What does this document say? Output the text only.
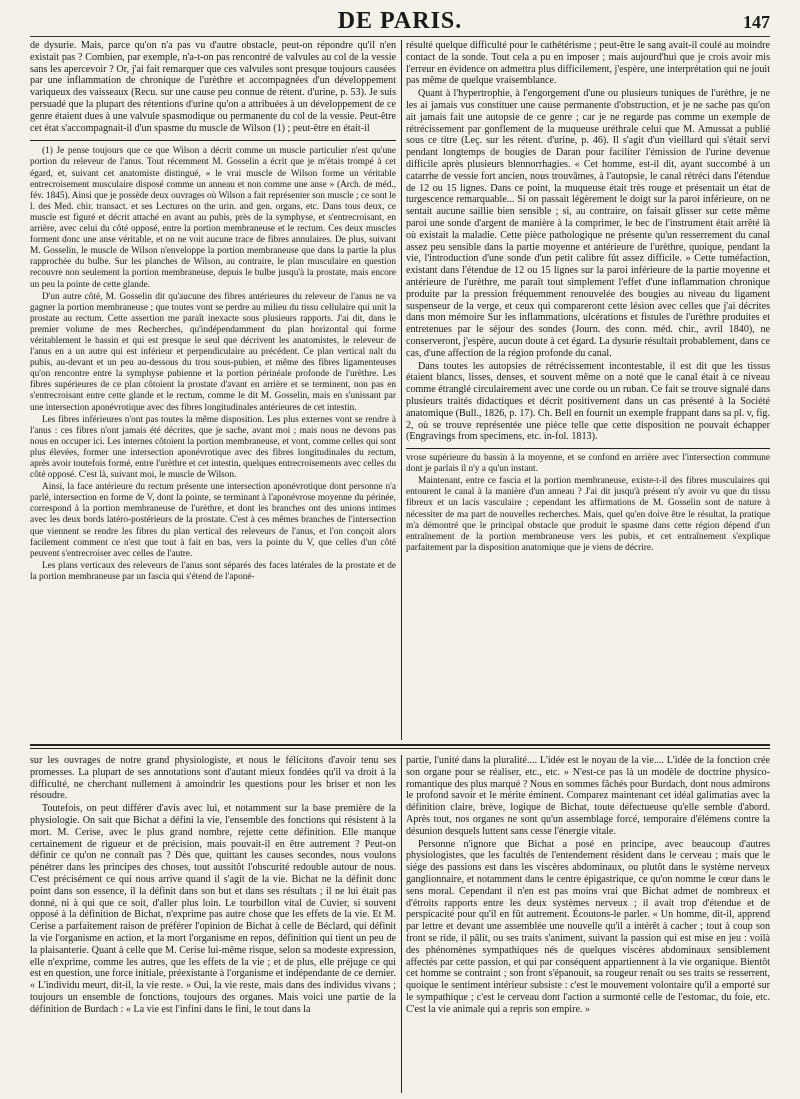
DE PARIS.	147

de dysurie. Mais, parce qu'on n'a pas vu d'autre obstacle, peut-on répondre qu'il n'en existait pas ? Combien, par exemple, n'a-t-on pas rencontré de valvules au col de la vessie sans les apercevoir ? Or, j'ai fait remarquer que ces valvules sont presque toujours causées par une inflammation de chronique de l'urèthre et accompagnées d'un développement variqueux des vaisseaux (Recu. sur une cause peu connue de rétent. d'urine, p. 53). Je suis persuadé que la plupart des rétentions d'urine qu'on a attribuées à un développement de ce genre étaient dues à une valvule spasmodique ou permanente du col de la vessie. Peut-être cet état s'accompagnait-il d'un spasme du muscle de Wilson (1) ; peut-être en était-il

(1) Je pense toujours que ce que Wilson a décrit comme un muscle particulier n'est qu'une portion du releveur de l'anus. Tout récemment M. Gosselin a écrit que je m'étais trompé à cet égard, et, suivant cet anatomiste distingué, « le vrai muscle de Wilson forme un véritable entrecroisement musculaire disposé comme un anneau et non comme une anse » (Arch. de méd., fév. 1845). Ainsi que je possède deux ouvrages où Wilson a fait représenter son muscle ; ce sont le l. des Med. chir. transact. et ses Lectures on the urin. and gen. organs, etc. Dans tous deux, ce muscle est figuré et décrit attaché en avant au pubis, près de la symphyse, et s'entrecroisant, en arrière, avec celui du côté opposé, entre la portion membraneuse et le rectum. Ces deux muscles forment donc une anse véritable, et on ne voit aucune trace de fibres annulaires. De plus, suivant M. Gosselin, le muscle de Wilson n'enveloppe la portion membraneuse que dans la partie la plus rapprochée du bulbe. Sur les planches de Wilson, au contraire, le plan musculaire en question recouvre non seulement la portion membraneuse, depuis le bulbe jusqu'à la prostate, mais encore un peu la pointe de cette glande.

D'un autre côté, M. Gosselin dit qu'aucune des fibres antérieures du releveur de l'anus ne va gagner la portion membraneuse ; que toutes vont se perdre au milieu du tissu cellulaire qui unit la prostate au rectum. Cette assertion me paraît inexacte sous plusieurs rapports. J'ai dit, dans le premier volume de mes Recherches, qu'indépendamment du plan horizontal qui forme véritablement le bassin et qui est presque le seul que décrivent les anatomistes, le releveur de l'anus en a un autre qui est inférieur et perpendiculaire au précédent. Ce plan vertical naît du pubis, au-devant et un peu au-dessous du trou sous-pubien, et même des fibres ligamenteuses qu'on rencontre entre la symphyse pubienne et la portion périnéale profonde de l'urèthre. Les fibres supérieures de ce plan côtoient la prostate d'avant en arrière et se terminent, non pas en s'entrecroisant entre cette glande et le rectum, comme le dit M. Gosselin, mais en s'unissant par une intersection aponévrotique avec des fibres longitudinales antérieures de cet intestin.

Les fibres inférieures n'ont pas toutes la même disposition. Les plus externes vont se rendre à l'anus : ces fibres n'ont jamais été décrites, que je sache, avant moi ; mais nous ne devons pas nous en occuper ici. Les internes côtoient la portion membraneuse, et vont, comme celles qui sont plus élevées, former une intersection aponévrotique avec des fibres longitudinales du rectum, après avoir toutefois formé, entre l'urèthre et cet intestin, quelques entrecroisements avec celles du côté opposé. C'est là, suivant moi, le muscle de Wilson.

Ainsi, la face antérieure du rectum présente une intersection aponévrotique dont personne n'a parlé, intersection en forme de V, dont la pointe, se terminant à l'aponévrose moyenne du périnée, correspond à la portion membraneuse de l'urèthre, et dont les branches ont des unions intimes avec les deux bords latéro-postérieurs de la prostate. C'est à ces mêmes branches de l'intersection que viennent se rendre les fibres du plan vertical des releveurs de l'anus, et l'on conçoit alors facilement comment ce n'est que tout à fait en bas, vers la pointe du V, que celles d'un côté peuvent s'entrecroiser avec celles de l'autre.

Les plans verticaux des releveurs de l'anus sont séparés des faces latérales de la prostate et de la portion membraneuse par un fascia qui s'étend de l'aponé-

résulté quelque difficulté pour le cathétérisme ; peut-être le sang avait-il coulé au moindre contact de la sonde. Tout cela a pu en imposer ; mais aujourd'hui que je crois avoir mis l'erreur en évidence on admettra plus difficilement, j'espère, une interprétation qui ne jouit pas même de quelque vraisemblance.

Quant à l'hypertrophie, à l'engorgement d'une ou plusieurs tuniques de l'urèthre, je ne les ai jamais vus constituer une cause permanente d'obstruction, et je ne sache pas qu'on ait jamais fait une autopsie de ce genre ; car je ne regarde pas comme un exemple de rétrécissement par gonflement de la muqueuse uréthrale celui que M. Amussat a publié sous ce titre (Leç. sur les rétent. d'urine, p. 46). Il s'agit d'un vieillard qui s'était servi pendant longtemps de bougies de Daran pour faciliter l'émission de l'urine devenue difficile après plusieurs blennorrhagies. « Cet homme, est-il dit, ayant succombé à un catarrhe de vessie fort ancien, nous trouvâmes, à l'autopsie, le canal rétréci dans l'étendue de 12 ou 15 lignes. Dans ce point, la muqueuse était très rouge et présentait un état de turgescence remarquable... Si on passait légèrement le doigt sur la paroi inférieure, on ne sentait aucune saillie bien sensible ; si, au contraire, on faisait glisser sur cette même paroi une sonde d'argent de manière à la comprimer, le bec de l'instrument était arrêté là où existait la maladie. Cette pièce pathologique ne présente qu'un resserrement du canal assez peu sensible dans la partie moyenne et antérieure de l'urèthre, quoique, pendant la vie, l'introduction d'une sonde d'un petit calibre fût assez difficile. » Cette tuméfaction, existant dans l'étendue de 12 ou 15 lignes sur la paroi inférieure de la partie moyenne et antérieure de l'urèthre, me paraît tout simplement l'effet d'une inflammation chronique produite par la pression fréquemment renouvelée des bougies au niveau du ligament suspenseur de la verge, et ceux qui compareront cette lésion avec celles que j'ai décrites dans mon mémoire Sur les inflammations, ulcérations et fistules de l'urèthre produites et entretenues par le séjour des sondes (Journ. des conn. méd. chir., avril 1840), ne conserveront, j'espère, aucun doute à cet égard. La dysurie résultait probablement, dans ce cas, d'une affection de la région profonde du canal.

Dans toutes les autopsies de rétrécissement incontestable, il est dit que les tissus étaient blancs, lisses, denses, et souvent même on a noté que le canal était à ce niveau comme étranglé circulairement avec une corde ou un ruban. Ce fait se trouve signalé dans plusieurs traités didactiques et décrit positivement dans un cas présenté à la Société anatomique (Bull., 1826, p. 17). Ch. Bell en fournit un exemple frappant dans sa pl. v, fig. 2, où se trouve représentée une pièce telle que cette disposition ne pouvait échapper (Engravings from specimens, etc. in-fol. 1813).

vrose supérieure du bassin à la moyenne, et se confond en arrière avec l'intersection commune dont je parlais il n'y a qu'un instant.

Maintenant, entre ce fascia et la portion membraneuse, existe-t-il des fibres musculaires qui entourent le canal à la manière d'un anneau ? J'ai dit jusqu'à présent n'y avoir vu que du tissu fibreux et un lacis vasculaire ; cependant les affirmations de M. Gosselin sont de nature à nécessiter de ma part de nouvelles recherches. Mais, quel qu'en doive être le résultat, la pratique m'a démontré que le principal obstacle que produit le spasme dans cette région dépend d'un entraînement de la portion membraneuse vers les pubis, et cet entraînement s'explique parfaitement par la disposition anatomique que je viens de décrire.

sur les ouvrages de notre grand physiologiste, et nous le félicitons d'avoir tenu ses promesses. La plupart de ses annotations sont d'autant mieux fondées qu'il va droit à la difficulté, ne cherchant nullement à amoindrir les questions pour les briser et non les résoudre.

Toutefois, on peut différer d'avis avec lui, et notamment sur la base première de la physiologie. On sait que Bichat a défini la vie, l'ensemble des fonctions qui résistent à la mort. M. Cerise, avec le plus grand nombre, rejette cette définition. Elle manque certainement de rigueur et de précision, mais pouvait-il en être autrement ? Peut-on définir ce qu'on ne connaît pas ? Dès que, quittant les causes secondes, nous voulons pénétrer dans les principes des choses, tout aussitôt l'obscurité redouble autour de nous. C'est précisément ce qui nous arrive quand il s'agit de la vie. Bichat ne la définit donc point dans son essence, il la définit dans son but et dans ses résultats ; il ne lui était pas donné, ni à qui que ce soit, d'aller plus loin. Le tourbillon vital de Cuvier, si souvent opposé à la définition de Bichat, n'exprime pas autre chose que les effets de la vie. Et M. Cerise a parfaitement raison de préférer l'opinion de Bichat à celle de Béclard, qui définit la vie l'organisme en action, et la mort l'organisme en repos, définition qui tient un peu de la plaisanterie. Quant à celle que M. Cerise lui-même risque, selon sa modeste expression, elle n'exprime, comme les autres, que les effets de la vie ; et de plus, elle préjuge ce qui est en question, une force initiale, préexistante à l'organisme et indépendante de ce dernier. « L'individu meurt, dit-il, la vie reste. » Oui, la vie reste, mais dans des individus vivans ; toujours un ensemble de fonctions, toujours des organes. Mais voici une partie de la définition de Burdach : « La vie est l'infini dans le fini, le tout dans la

partie, l'unité dans la pluralité.... L'idée est le noyau de la vie.... L'idée de la fonction crée son organe pour se réaliser, etc., etc. » N'est-ce pas là un modèle de doctrine physico-romantique des plus marqué ? Nous en sommes fâchés pour Burdach, dont nous admirons le profond savoir et le mérite éminent. Comparez maintenant cet idéal galimatias avec la définition claire, brève, logique de Bichat, toute défectueuse qu'elle semble d'abord. Après tout, nos organes ne sont qu'un assemblage forcé, temporaire d'élémens contre la désunion desquels luttent sans cesse l'énergie vitale.

Personne n'ignore que Bichat a posé en principe, avec beaucoup d'autres physiologistes, que les facultés de l'entendement résident dans le cerveau ; mais que le siége des passions est dans les viscères abdominaux, ou plutôt dans le système nerveux ganglionnaire, et notamment dans le centre épigastrique, ce qu'on nomme le cœur dans le sens moral. Cependant il n'en est pas moins vrai que Bichat admet de nombreux et d'étroits rapports entre les deux systèmes nerveux ; il avait trop d'étendue et de perspicacité pour qu'il en fût autrement. Écoutons-le parler. « Un homme, dit-il, apprend par lettre et devant une assemblée une nouvelle qu'il a intérêt à cacher ; tout à coup son front se ride, il pâlit, ou ses traits s'animent, suivant la passion qui est mise en jeu : voilà des phénomènes sympathiques nés de quelques viscères abdominaux sensiblement affectés par cette passion, et qui par conséquent appartiennent à la vie organique. Bientôt cet homme se contraint ; son front s'épanouit, sa rougeur renaît ou ses traits se resserrent, quoique le sentiment intérieur subsiste : c'est le mouvement volontaire qu'il a emporté sur le sympathique ; c'est le cerveau dont l'action a surmonté celle de l'estomac, du foie, etc. C'est la vie animale qui a repris son empire. »
